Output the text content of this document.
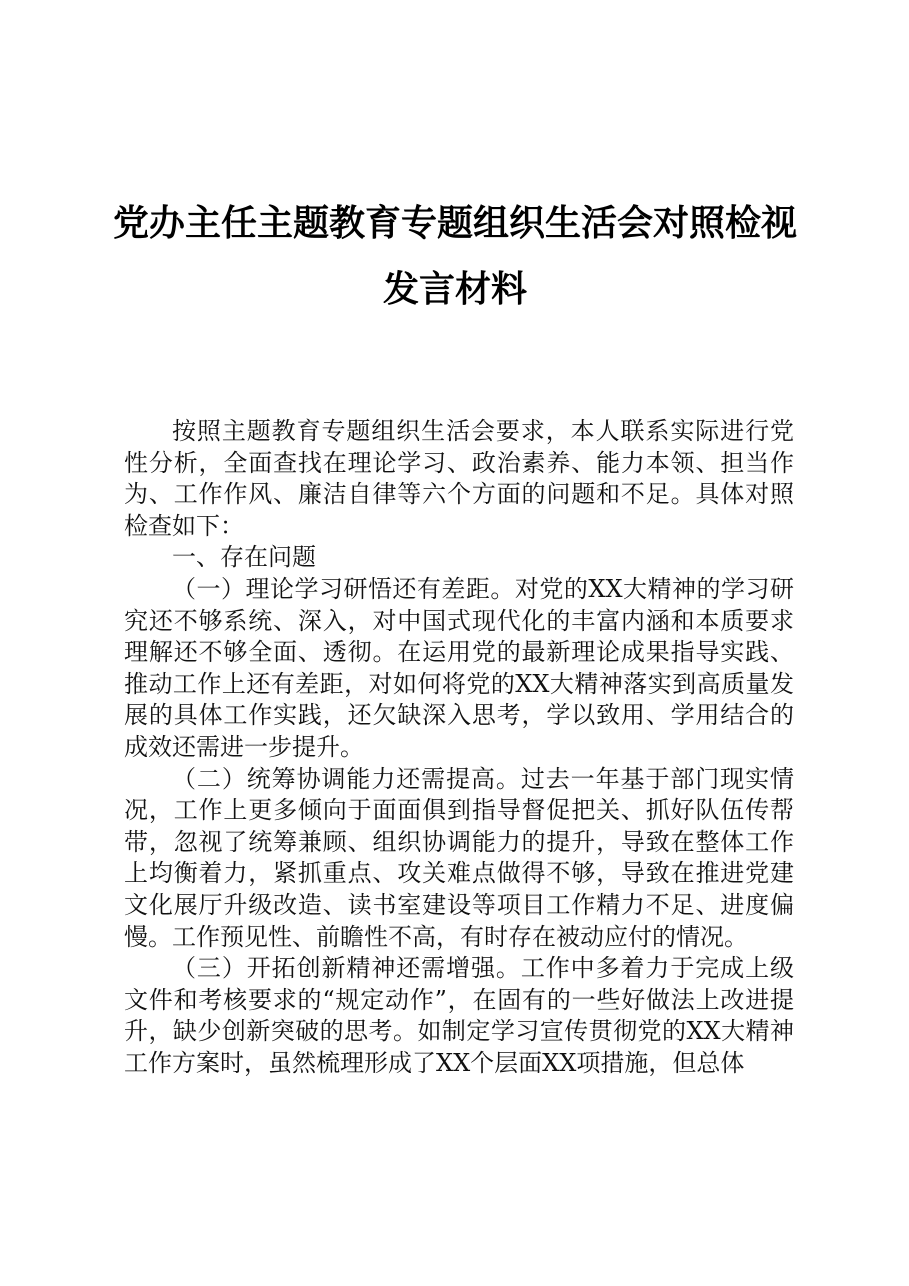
党办主任主题教育专题组织生活会对照检视发言材料

按照主题教育专题组织生活会要求，本人联系实际进行党性分析，全面查找在理论学习、政治素养、能力本领、担当作为、工作作风、廉洁自律等六个方面的问题和不足。具体对照检查如下：

一、存在问题

（一）理论学习研悟还有差距。对党的XX大精神的学习研究还不够系统、深入，对中国式现代化的丰富内涵和本质要求理解还不够全面、透彻。在运用党的最新理论成果指导实践、推动工作上还有差距，对如何将党的XX大精神落实到高质量发展的具体工作实践，还欠缺深入思考，学以致用、学用结合的成效还需进一步提升。

（二）统筹协调能力还需提高。过去一年基于部门现实情况，工作上更多倾向于面面俱到指导督促把关、抓好队伍传帮带，忽视了统筹兼顾、组织协调能力的提升，导致在整体工作上均衡着力，紧抓重点、攻关难点做得不够，导致在推进党建文化展厅升级改造、读书室建设等项目工作精力不足、进度偏慢。工作预见性、前瞻性不高，有时存在被动应付的情况。

（三）开拓创新精神还需增强。工作中多着力于完成上级文件和考核要求的“规定动作”，在固有的一些好做法上改进提升，缺少创新突破的思考。如制定学习宣传贯彻党的XX大精神工作方案时，虽然梳理形成了XX个层面XX项措施，但总体
